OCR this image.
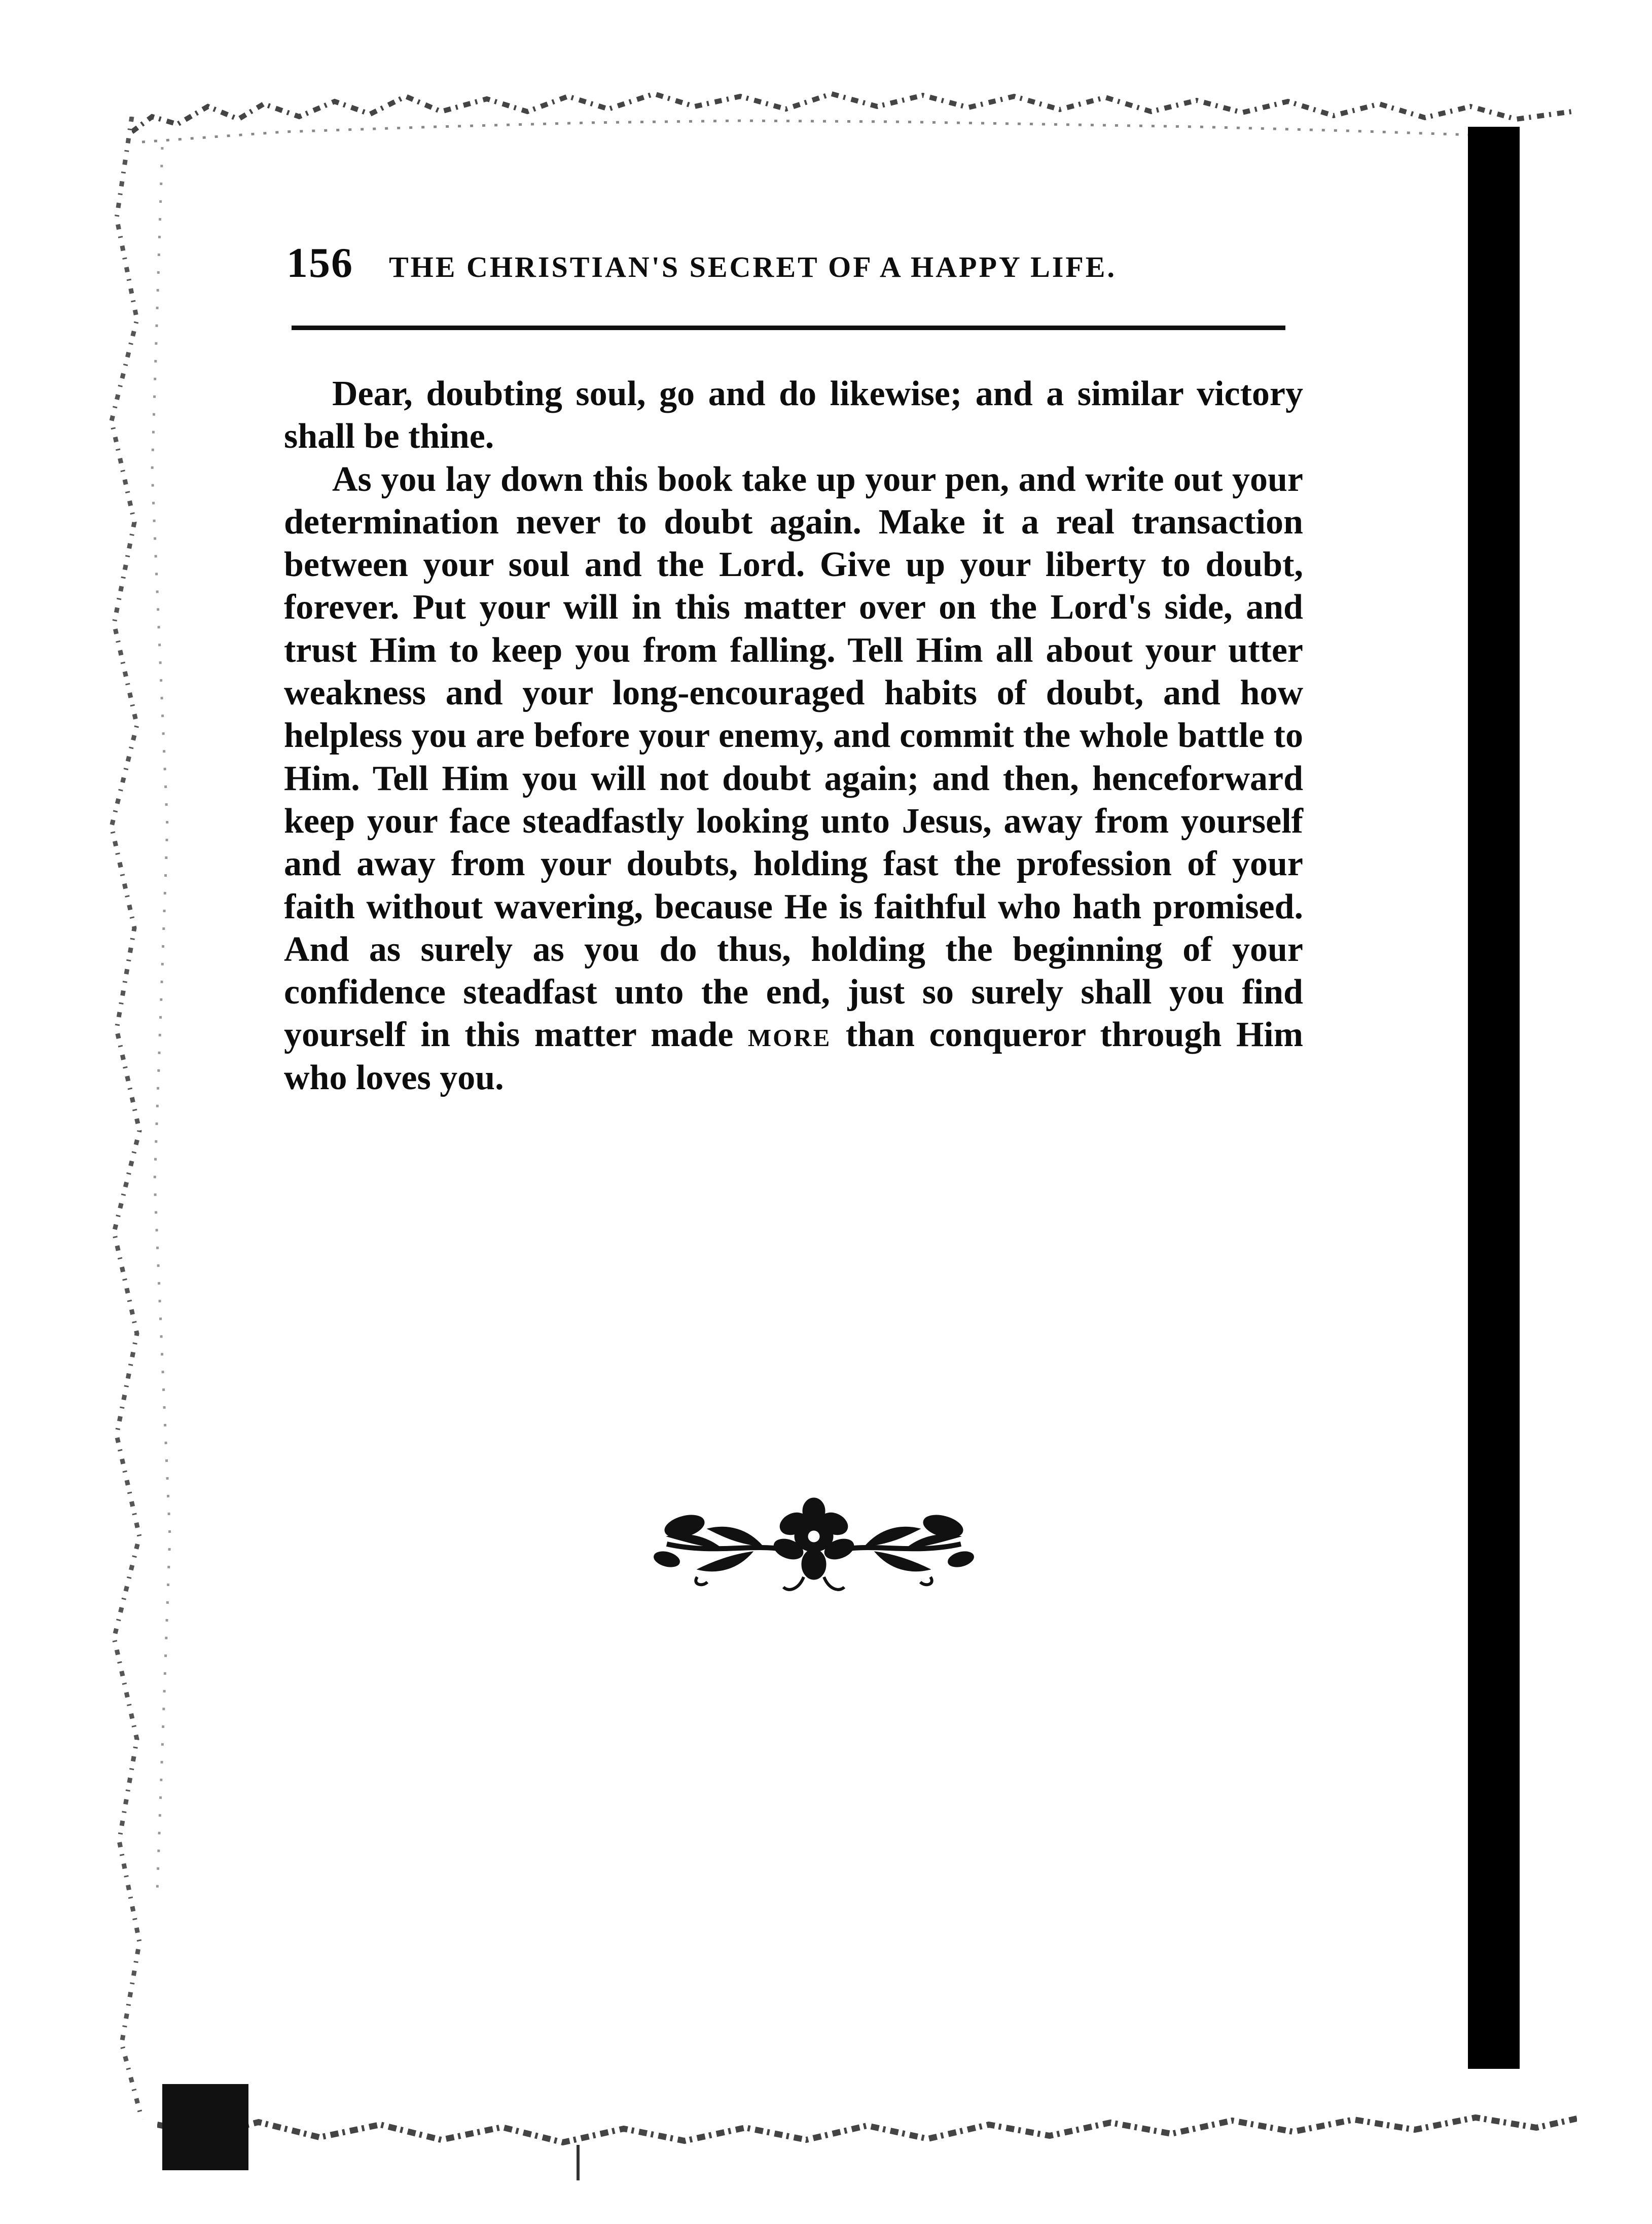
156 THE CHRISTIAN'S SECRET OF A HAPPY LIFE.

Dear, doubting soul, go and do likewise; and a similar victory shall be thine.

As you lay down this book take up your pen, and write out your determination never to doubt again. Make it a real transaction between your soul and the Lord. Give up your liberty to doubt, forever. Put your will in this matter over on the Lord's side, and trust Him to keep you from falling. Tell Him all about your utter weakness and your long-encouraged habits of doubt, and how helpless you are before your enemy, and commit the whole battle to Him. Tell Him you will not doubt again; and then, henceforward keep your face steadfastly looking unto Jesus, away from yourself and away from your doubts, holding fast the profession of your faith without wavering, because He is faithful who hath promised. And as surely as you do thus, holding the beginning of your confidence steadfast unto the end, just so surely shall you find yourself in this matter made more than conqueror through Him who loves you.
